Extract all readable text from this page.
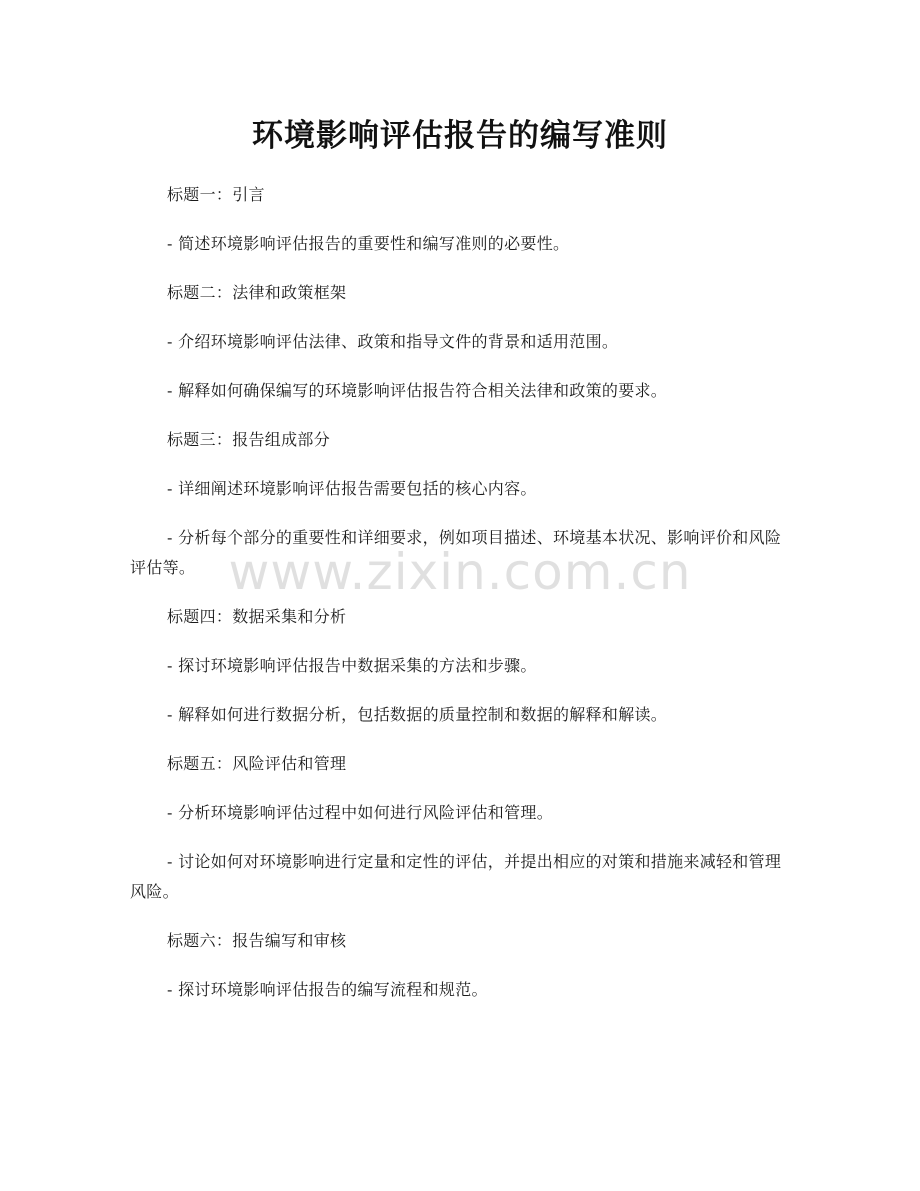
环境影响评估报告的编写准则

标题一：引言

- 简述环境影响评估报告的重要性和编写准则的必要性。

标题二：法律和政策框架

- 介绍环境影响评估法律、政策和指导文件的背景和适用范围。

- 解释如何确保编写的环境影响评估报告符合相关法律和政策的要求。

标题三：报告组成部分

- 详细阐述环境影响评估报告需要包括的核心内容。

- 分析每个部分的重要性和详细要求，例如项目描述、环境基本状况、影响评价和风险评估等。

标题四：数据采集和分析

- 探讨环境影响评估报告中数据采集的方法和步骤。

- 解释如何进行数据分析，包括数据的质量控制和数据的解释和解读。

标题五：风险评估和管理

- 分析环境影响评估过程中如何进行风险评估和管理。

- 讨论如何对环境影响进行定量和定性的评估，并提出相应的对策和措施来减轻和管理风险。

标题六：报告编写和审核

- 探讨环境影响评估报告的编写流程和规范。

www.zixin.com.cn
